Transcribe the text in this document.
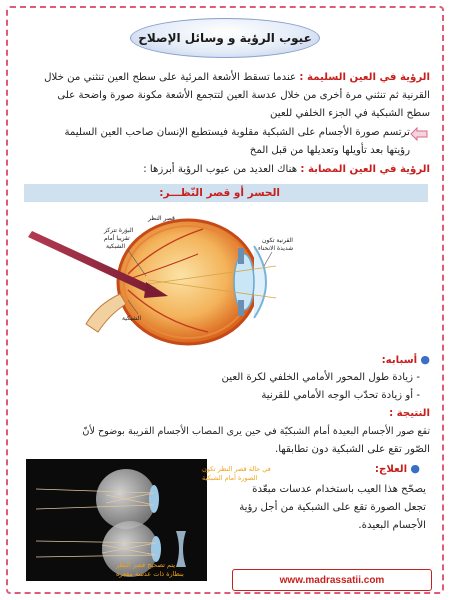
عيوب الرؤية و وسائل الإصلاح
الرؤية في العين السليمة : عندما تسقط الأشعة المرئية على سطح العين تنثني من خلال
القرنية ثم تنثني مرة أخرى من خلال عدسة العين لتتجمع الأشعة مكونة صورة واضحة على
سطح الشبكية في الجزء الخلفي للعين
ترتسم صورة الأجسام على الشبكية مقلوبة فيستطيع الإنسان صاحب العين السليمة
رؤيتها بعد تأويلها وتعديلها من قبل المخ
الرؤية في العين المصابة : هناك العديد من عيوب الرؤية أبرزها :
الحسر أو قصر النّظـــر:
قصر النظر
البؤرة تتركز
تقريبا أمام
الشبكية
القرنية تكون
شديدة الانحناء
الشبكية
● أسبابه:
- زيادة طول المحور الأمامي الخلفي لكرة العين
- أو زيادة تحدّب الوجه الأمامي للقرنية
النتيجة :
تقع صور الأجسام البعيدة أمام الشبكيّة في حين يرى المصاب الأجسام القريبة بوضوح لأنّ
الصّور تقع على الشبكية دون تطابقها.
● العلاج:
يصحّح هذا العيب باستخدام عدسات مبعّدة
تجعل الصورة تقع على الشبكية من أجل رؤية
الأجسام البعيدة.
في حالة قصر النظر تكون
الصورة أمام الشبكية
يتم تصحيح قصر النظر
بنظارة ذات عدسة مقعرة
www.madrassatii.com
